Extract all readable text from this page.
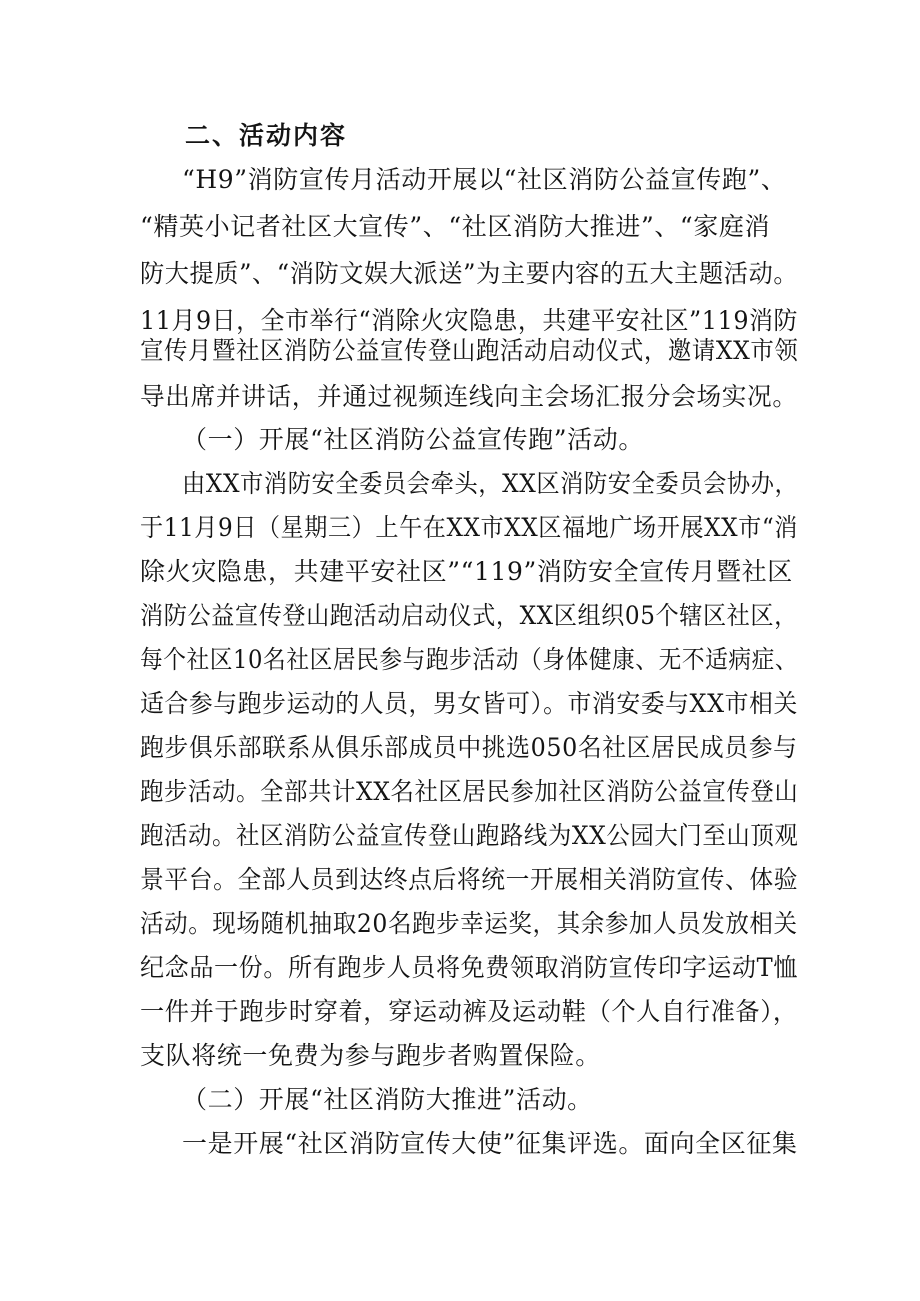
二、活动内容
“H9”消防宣传月活动开展以“社区消防公益宣传跑”、
“精英小记者社区大宣传”、“社区消防大推进”、“家庭消
防大提质”、“消防文娱大派送”为主要内容的五大主题活动。
11月9日，全市举行“消除火灾隐患，共建平安社区”119消防
宣传月暨社区消防公益宣传登山跑活动启动仪式，邀请XX市领
导出席并讲话，并通过视频连线向主会场汇报分会场实况。
（一）开展“社区消防公益宣传跑”活动。
由XX市消防安全委员会牵头，XX区消防安全委员会协办，
于11月9日（星期三）上午在XX市XX区福地广场开展XX市“消
除火灾隐患，共建平安社区”“119”消防安全宣传月暨社区
消防公益宣传登山跑活动启动仪式，XX区组织05个辖区社区，
每个社区10名社区居民参与跑步活动（身体健康、无不适病症、
适合参与跑步运动的人员，男女皆可）。市消安委与XX市相关
跑步俱乐部联系从俱乐部成员中挑选050名社区居民成员参与
跑步活动。全部共计XX名社区居民参加社区消防公益宣传登山
跑活动。社区消防公益宣传登山跑路线为XX公园大门至山顶观
景平台。全部人员到达终点后将统一开展相关消防宣传、体验
活动。现场随机抽取20名跑步幸运奖，其余参加人员发放相关
纪念品一份。所有跑步人员将免费领取消防宣传印字运动T恤
一件并于跑步时穿着，穿运动裤及运动鞋（个人自行准备），
支队将统一免费为参与跑步者购置保险。
（二）开展“社区消防大推进”活动。
一是开展“社区消防宣传大使”征集评选。面向全区征集
